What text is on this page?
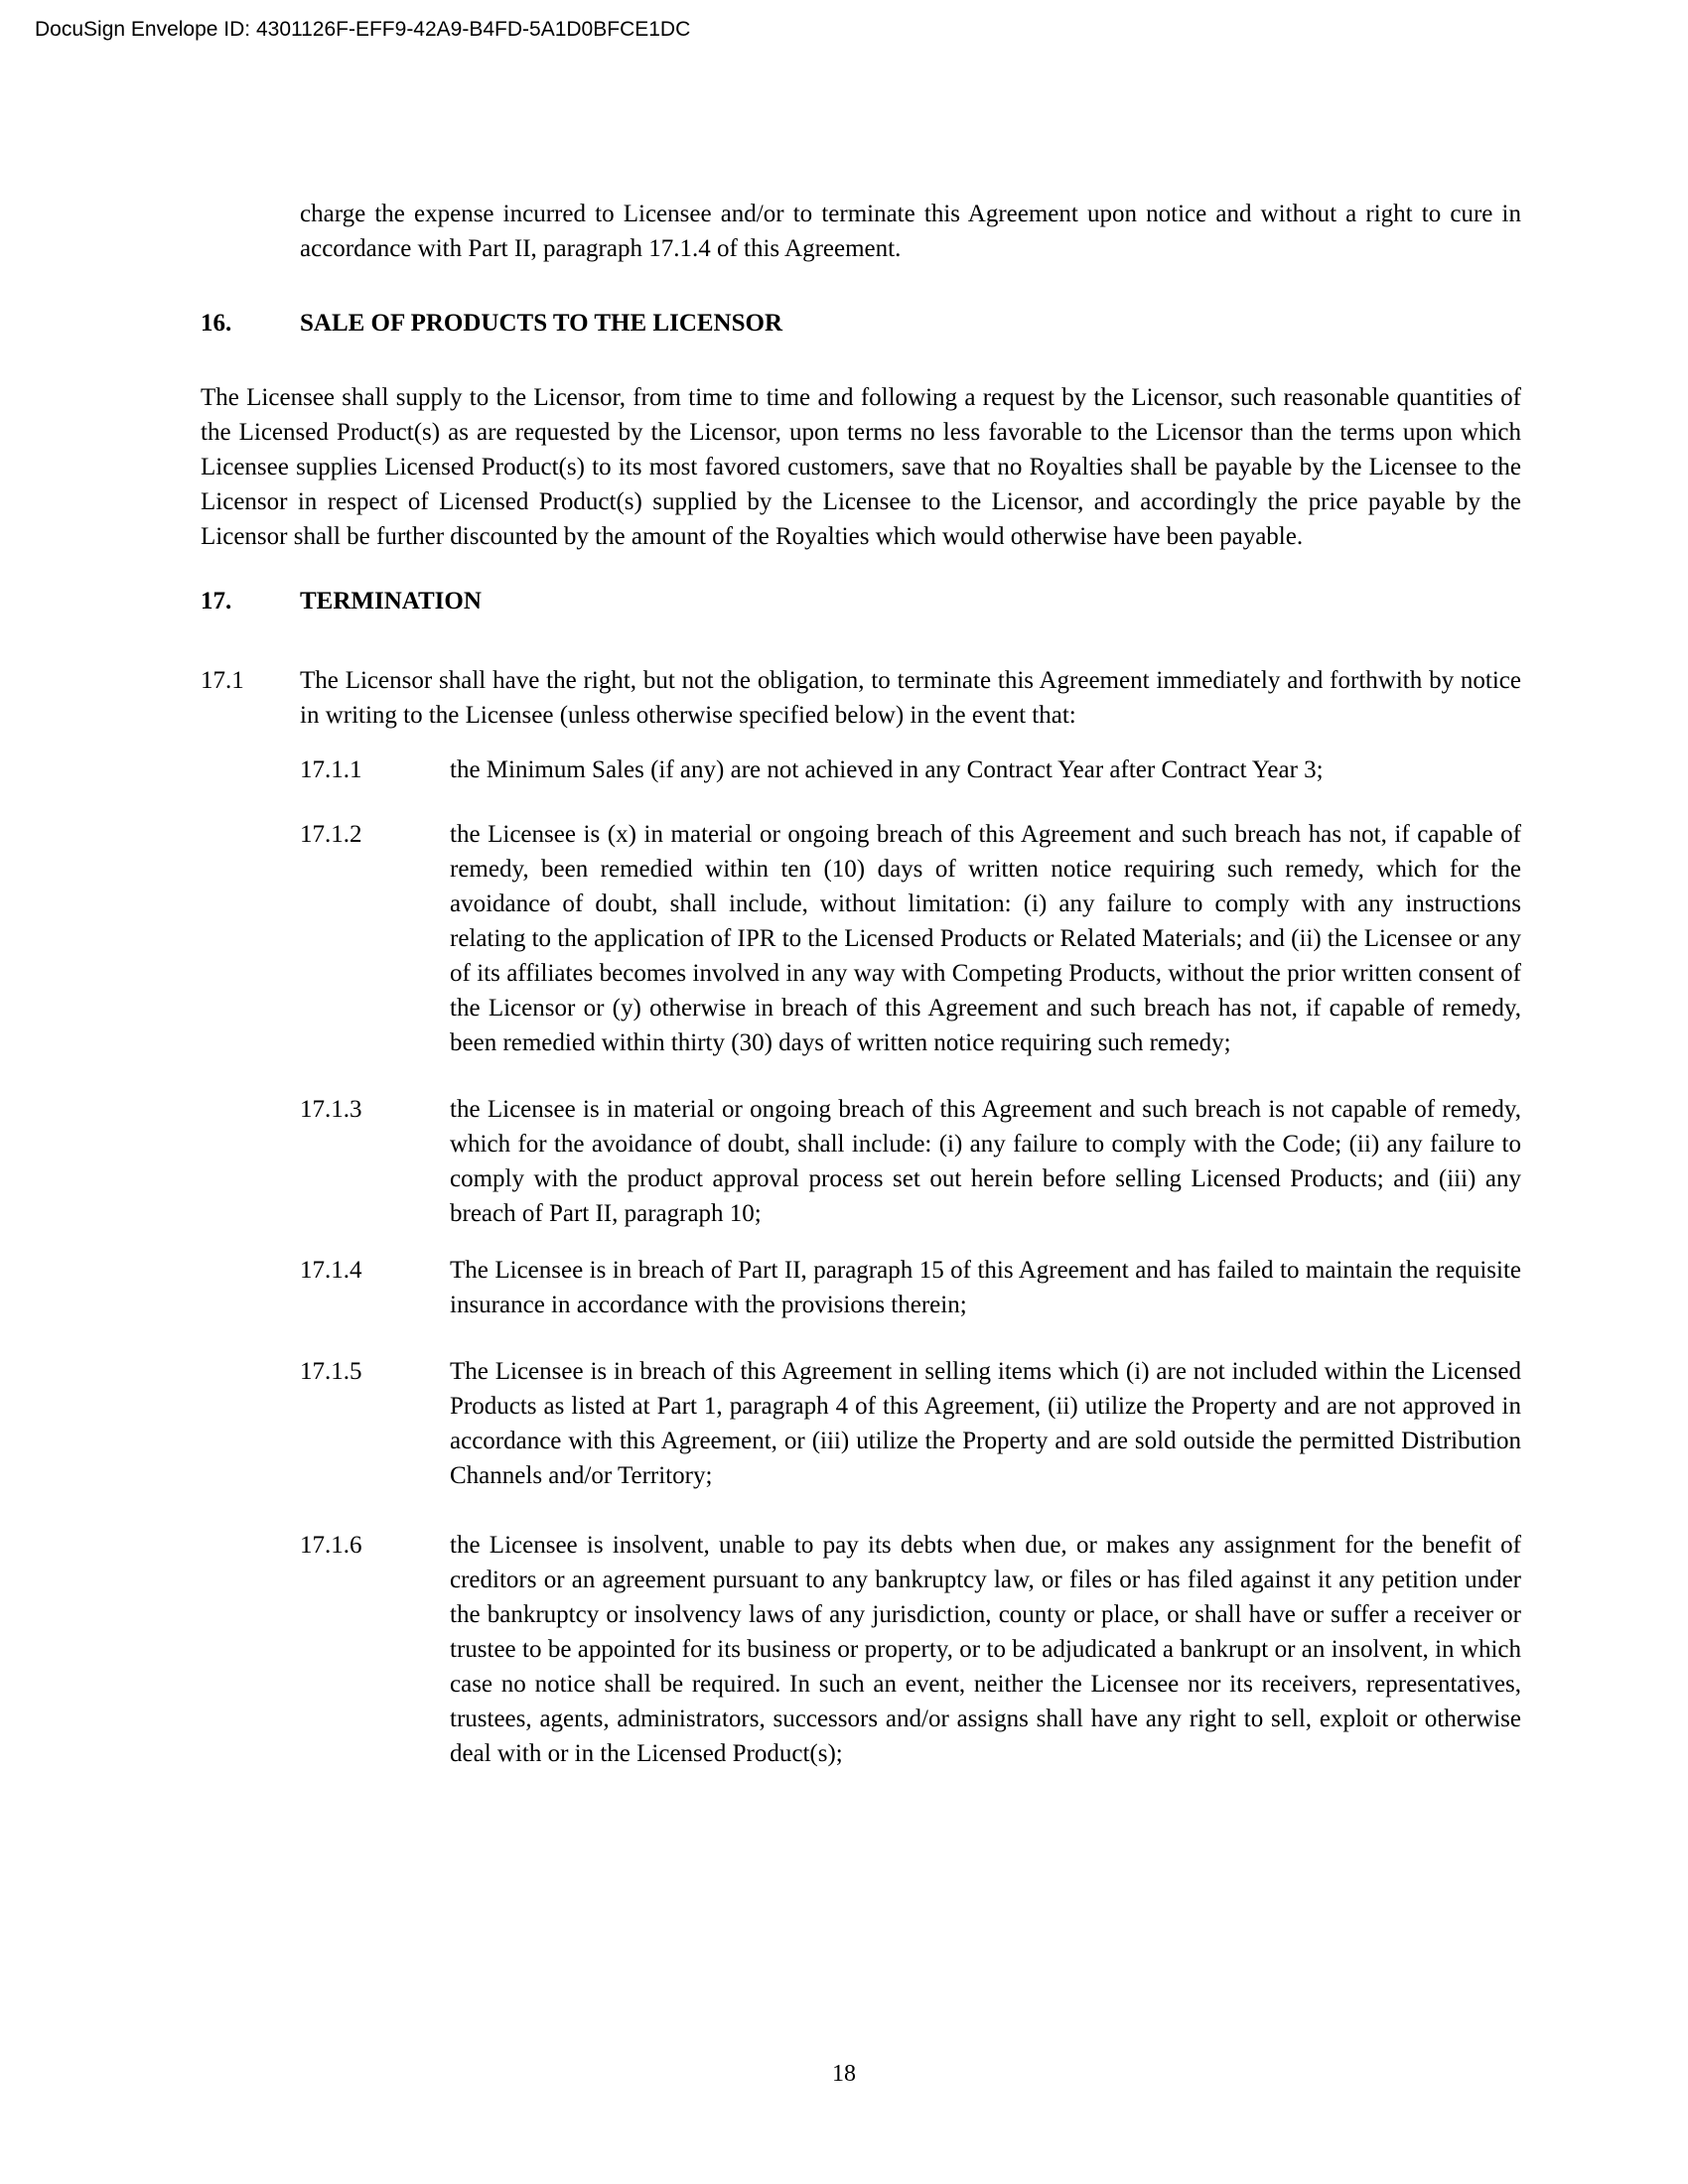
DocuSign Envelope ID: 4301126F-EFF9-42A9-B4FD-5A1D0BFCE1DC

charge the expense incurred to Licensee and/or to terminate this Agreement upon notice and without a right to cure in accordance with Part II, paragraph 17.1.4 of this Agreement.

16.	SALE OF PRODUCTS TO THE LICENSOR

The Licensee shall supply to the Licensor, from time to time and following a request by the Licensor, such reasonable quantities of the Licensed Product(s) as are requested by the Licensor, upon terms no less favorable to the Licensor than the terms upon which Licensee supplies Licensed Product(s) to its most favored customers, save that no Royalties shall be payable by the Licensee to the Licensor in respect of Licensed Product(s) supplied by the Licensee to the Licensor, and accordingly the price payable by the Licensor shall be further discounted by the amount of the Royalties which would otherwise have been payable.

17.	TERMINATION
17.1	The Licensor shall have the right, but not the obligation, to terminate this Agreement immediately and forthwith by notice in writing to the Licensee (unless otherwise specified below) in the event that:
17.1.1	the Minimum Sales (if any) are not achieved in any Contract Year after Contract Year 3;
17.1.2	the Licensee is (x) in material or ongoing breach of this Agreement and such breach has not, if capable of remedy, been remedied within ten (10) days of written notice requiring such remedy, which for the avoidance of doubt, shall include, without limitation: (i) any failure to comply with any instructions relating to the application of IPR to the Licensed Products or Related Materials; and (ii) the Licensee or any of its affiliates becomes involved in any way with Competing Products, without the prior written consent of the Licensor or (y) otherwise in breach of this Agreement and such breach has not, if capable of remedy, been remedied within thirty (30) days of written notice requiring such remedy;
17.1.3	the Licensee is in material or ongoing breach of this Agreement and such breach is not capable of remedy, which for the avoidance of doubt, shall include: (i) any failure to comply with the Code; (ii) any failure to comply with the product approval process set out herein before selling Licensed Products; and (iii) any breach of Part II, paragraph 10;
17.1.4	The Licensee is in breach of Part II, paragraph 15 of this Agreement and has failed to maintain the requisite insurance in accordance with the provisions therein;
17.1.5	The Licensee is in breach of this Agreement in selling items which (i) are not included within the Licensed Products as listed at Part 1, paragraph 4 of this Agreement, (ii) utilize the Property and are not approved in accordance with this Agreement, or (iii) utilize the Property and are sold outside the permitted Distribution Channels and/or Territory;
17.1.6	the Licensee is insolvent, unable to pay its debts when due, or makes any assignment for the benefit of creditors or an agreement pursuant to any bankruptcy law, or files or has filed against it any petition under the bankruptcy or insolvency laws of any jurisdiction, county or place, or shall have or suffer a receiver or trustee to be appointed for its business or property, or to be adjudicated a bankrupt or an insolvent, in which case no notice shall be required. In such an event, neither the Licensee nor its receivers, representatives, trustees, agents, administrators, successors and/or assigns shall have any right to sell, exploit or otherwise deal with or in the Licensed Product(s);
18
